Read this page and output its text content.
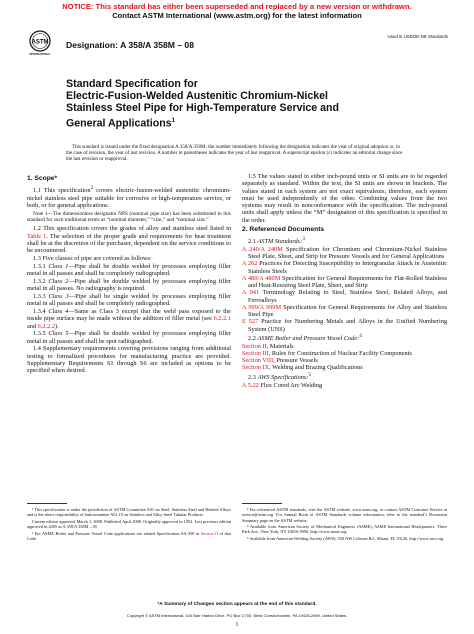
NOTICE: This standard has either been superseded and replaced by a new version or withdrawn.
Contact ASTM International (www.astm.org) for the latest information
ASTM
INTERNATIONAL
Designation: A 358/A 358M – 08
Used in USDOE-NE Standards
Standard Specification for
Electric-Fusion-Welded Austenitic Chromium-Nickel
Stainless Steel Pipe for High-Temperature Service and
General Applications$^1$
This standard is issued under the fixed designation A 358/A 358M; the number immediately following the designation indicates the year of original adoption or, in the case of revision, the year of last revision. A number in parentheses indicates the year of last reapproval. A superscript epsilon (ε) indicates an editorial change since the last revision or reapproval.
1. Scope*

1.1 This specification$^2$ covers electric-fusion-welded austenitic chromium-nickel stainless steel pipe suitable for corrosive or high-temperature service, or both, or for general applications.

Note 1—The dimensionless designator NPS (nominal pipe size) has been substituted in this standard for such traditional terms as “nominal diameter,” “size,” and “nominal size.”

1.2 This specification covers the grades of alloy and stainless steel listed in Table 1. The selection of the proper grade and requirements for heat treatment shall be at the discretion of the purchaser, dependent on the service conditions to be encountered.

1.3 Five classes of pipe are covered as follows:

1.3.1 Class 1—Pipe shall be double welded by processes employing filler metal in all passes and shall be completely radiographed.

1.3.2 Class 2—Pipe shall be double welded by processes employing filler metal in all passes. No radiography is required.

1.3.3 Class 3—Pipe shall be single welded by processes employing filler metal in all passes and shall be completely radiographed.

1.3.4 Class 4—Same as Class 3 except that the weld pass exposed to the inside pipe surface may be made without the addition of filler metal (see 6.2.2.1 and 6.2.2.2).

1.3.5 Class 5—Pipe shall be double welded by processes employing filler metal in all passes and shall be spot radiographed.

1.4 Supplementary requirements covering provisions ranging from additional testing to formalized procedures for manufacturing practice are provided. Supplementary Requirements S1 through S6 are included as options to be specified when desired.

1.5 The values stated in either inch-pound units or SI units are to be regarded separately as standard. Within the text, the SI units are shown in brackets. The values stated in each system are not exact equivalents; therefore, each system must be used independently of the other. Combining values from the two systems may result in nonconformance with the specification. The inch-pound units shall apply unless the “M” designation of this specification is specified in the order.

2. Referenced Documents

2.1 ASTM Standards:$^3$

A 240/A 240M Specification for Chromium and Chromium-Nickel Stainless Steel Plate, Sheet, and Strip for Pressure Vessels and for General Applications

A 262 Practices for Detecting Susceptibility to Intergranular Attack in Austenitic Stainless Steels

A 480/A 480M Specification for General Requirements for Flat-Rolled Stainless and Heat-Resisting Steel Plate, Sheet, and Strip

A 941 Terminology Relating to Steel, Stainless Steel, Related Alloys, and Ferroalloys

A 999/A 999M Specification for General Requirements for Alloy and Stainless Steel Pipe

E 527 Practice for Numbering Metals and Alloys in the Unified Numbering System (UNS)

2.2 ASME Boiler and Pressure Vessel Code:$^4$

Section II, Materials

Section III, Rules for Construction of Nuclear Facility Components

Section VIII, Pressure Vessels

Section IX, Welding and Brazing Qualifications

2.3 AWS Specifications:$^5$

A 5.22 Flux Cored Arc Welding

¹ This specification is under the jurisdiction of ASTM Committee A01 on Steel, Stainless Steel and Related Alloys and is the direct responsibility of Subcommittee A01.10 on Stainless and Alloy Steel Tubular Products.

Current edition approved March 1, 2008. Published April 2008. Originally approved in 1952. Last previous edition approved in 2005 as A 358/A 358M – 05.

² For ASME Boiler and Pressure Vessel Code applications see related Specification SA-358 in Section II of that Code.

³ For referenced ASTM standards, visit the ASTM website, www.astm.org, or contact ASTM Customer Service at service@astm.org. For Annual Book of ASTM Standards volume information, refer to the standard’s Document Summary page on the ASTM website.

⁴ Available from American Society of Mechanical Engineers (ASME), ASME International Headquarters, Three Park Ave., New York, NY 10016-5990, http://www.asme.org.

⁵ Available from American Welding Society (AWS), 550 NW LeJeune Rd., Miami, FL 33126, http://www.aws.org.

*A Summary of Changes section appears at the end of this standard.
Copyright © ASTM International, 100 Barr Harbor Drive, PO Box C700, West Conshohocken, PA 19428-2959, United States.
1
